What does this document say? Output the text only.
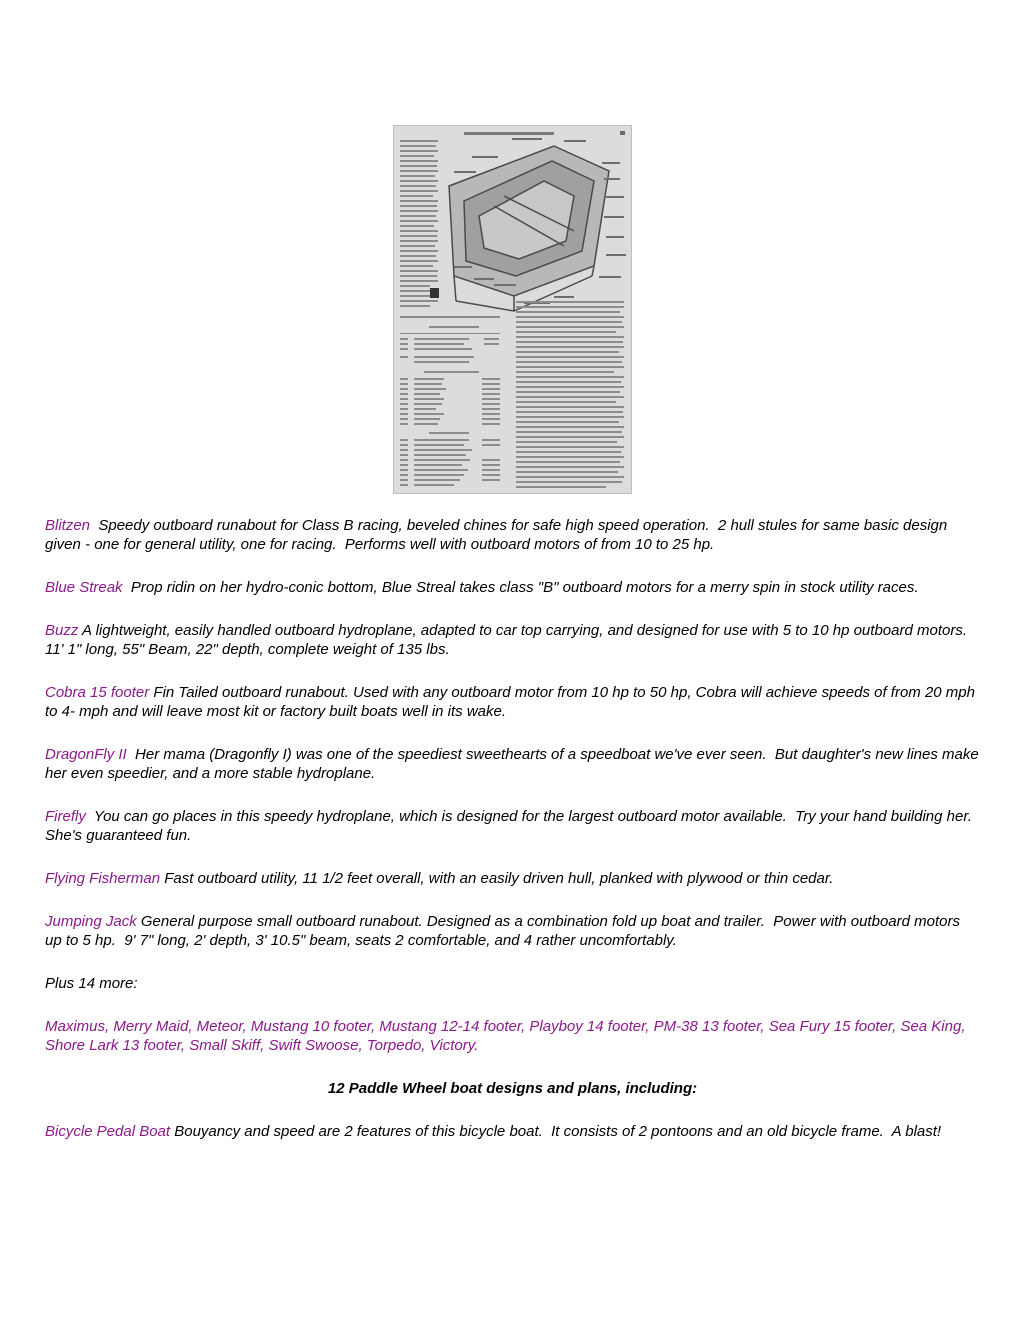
Blitzen  Speedy outboard runabout for Class B racing, beveled chines for safe high speed operation.  2 hull stules for same basic design given - one for general utility, one for racing.  Performs well with outboard motors of from 10 to 25 hp.

Blue Streak  Prop ridin on her hydro-conic bottom, Blue Streal takes class "B" outboard motors for a merry spin in stock utility races.

Buzz A lightweight, easily handled outboard hydroplane, adapted to car top carrying, and designed for use with 5 to 10 hp outboard motors.  11' 1" long, 55" Beam, 22" depth, complete weight of 135 lbs.

Cobra 15 footer Fin Tailed outboard runabout. Used with any outboard motor from 10 hp to 50 hp, Cobra will achieve speeds of from 20 mph to 4- mph and will leave most kit or factory built boats well in its wake.

DragonFly II  Her mama (Dragonfly I) was one of the speediest sweethearts of a speedboat we've ever seen.  But daughter's new lines make her even speedier, and a more stable hydroplane.

Firefly  You can go places in this speedy hydroplane, which is designed for the largest outboard motor available.  Try your hand building her.  She's guaranteed fun.

Flying Fisherman Fast outboard utility, 11 1/2 feet overall, with an easily driven hull, planked with plywood or thin cedar.

Jumping Jack General purpose small outboard runabout. Designed as a combination fold up boat and trailer.  Power with outboard motors up to 5 hp.  9' 7" long, 2' depth, 3' 10.5" beam, seats 2 comfortable, and 4 rather uncomfortably.

Plus 14 more:

Maximus, Merry Maid, Meteor, Mustang 10 footer, Mustang 12-14 footer, Playboy 14 footer, PM-38 13 footer, Sea Fury 15 footer, Sea King, Shore Lark 13 footer, Small Skiff, Swift Swoose, Torpedo, Victory.

12 Paddle Wheel boat designs and plans, including:

Bicycle Pedal Boat Bouyancy and speed are 2 features of this bicycle boat.  It consists of 2 pontoons and an old bicycle frame.  A blast!
